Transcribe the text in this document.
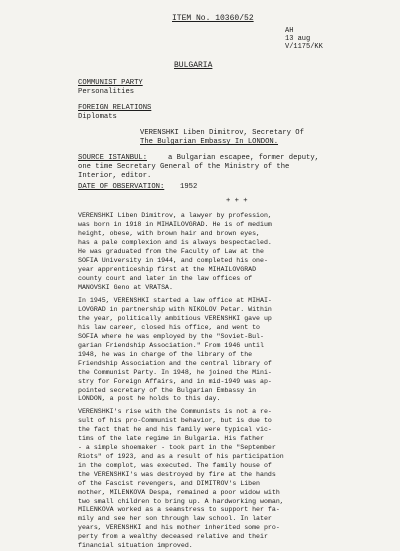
ITEM No. 10360/52
AH
13 aug
V/1175/KK
BULGARIA
COMMUNIST PARTY
Personalities
FOREIGN RELATIONS
Diplomats
VERENSHKI Liben Dimitrov, Secretary Of
The Bulgarian Embassy In LONDON.
SOURCE ISTANBUL:	a Bulgarian escapee, former deputy,
one time Secretary General of the Ministry of the
Interior, editor.
DATE OF OBSERVATION: 1952
+ + +
VERENSHKI Liben Dimitrov, a lawyer by profession,
was born in 1918 in MIHAILOVGRAD. He is of medium
height, obese, with brown hair and brown eyes,
has a pale complexion and is always bespectacled.
He was graduated from the Faculty of Law at the
SOFIA University in 1944, and completed his one-
year apprenticeship first at the MIHAILOVGRAD
county court and later in the law offices of
MANOVSKI Geno at VRATSA.
In 1945, VERENSHKI started a law office at MIHAI-
LOVGRAD in partnership with NIKOLOV Petar. Within
the year, politically ambitious VERENSHKI gave up
his law career, closed his office, and went to
SOFIA where he was employed by the "Soviet-Bul-
garian Friendship Association." From 1946 until
1948, he was in charge of the library of the
Friendship Association and the central library of
the Communist Party. In 1948, he joined the Mini-
stry for Foreign Affairs, and in mid-1949 was ap-
pointed secretary of the Bulgarian Embassy in
LONDON, a post he holds to this day.
VERENSHKI's rise with the Communists is not a re-
sult of his pro-Communist behavior, but is due to
the fact that he and his family were typical vic-
tims of the late regime in Bulgaria. His father
- a simple shoemaker - took part in the "September
Riots" of 1923, and as a result of his participation
in the complot, was executed. The family house of
the VERENSHKI's was destroyed by fire at the hands
of the Fascist revengers, and DIMITROV's Liben
mother, MILENKOVA Despa, remained a poor widow with
two small children to bring up. A hardworking woman,
MILENKOVA worked as a seamstress to support her fa-
mily and see her son through law school. In later
years, VERENSHKI and his mother inherited some pro-
perty from a wealthy deceased relative and their
financial situation improved.
